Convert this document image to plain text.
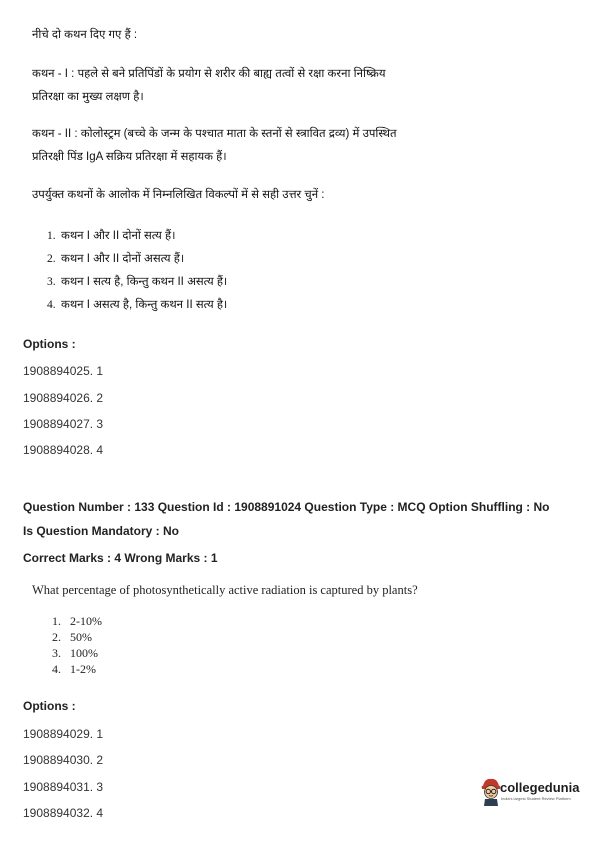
नीचे दो कथन दिए गए हैं :
कथन - I : पहले से बने प्रतिपिंडों के प्रयोग से शरीर की बाह्य तत्वों से रक्षा करना निष्क्रिय
प्रतिरक्षा का मुख्य लक्षण है।
कथन - II : कोलोस्ट्रम (बच्चे के जन्म के पश्चात माता के स्तनों से स्त्रावित द्रव्य) में उपस्थित
प्रतिरक्षी पिंड IgA सक्रिय प्रतिरक्षा में सहायक हैं।
उपर्युक्त कथनों के आलोक में निम्नलिखित विकल्पों में से सही उत्तर चुनें :
1. कथन I और II दोनों सत्य हैं।
2. कथन I और II दोनों असत्य हैं।
3. कथन I सत्य है, किन्तु कथन II असत्य हैं।
4. कथन I असत्य है, किन्तु कथन II सत्य है।
Options :
1908894025. 1
1908894026. 2
1908894027. 3
1908894028. 4
Question Number : 133 Question Id : 1908891024 Question Type : MCQ Option Shuffling : No
Is Question Mandatory : No
Correct Marks : 4 Wrong Marks : 1
What percentage of photosynthetically active radiation is captured by plants?
1. 2-10%
2. 50%
3. 100%
4. 1-2%
Options :
1908894029. 1
1908894030. 2
1908894031. 3
1908894032. 4
collegedunia
India's largest Student Review Platform
